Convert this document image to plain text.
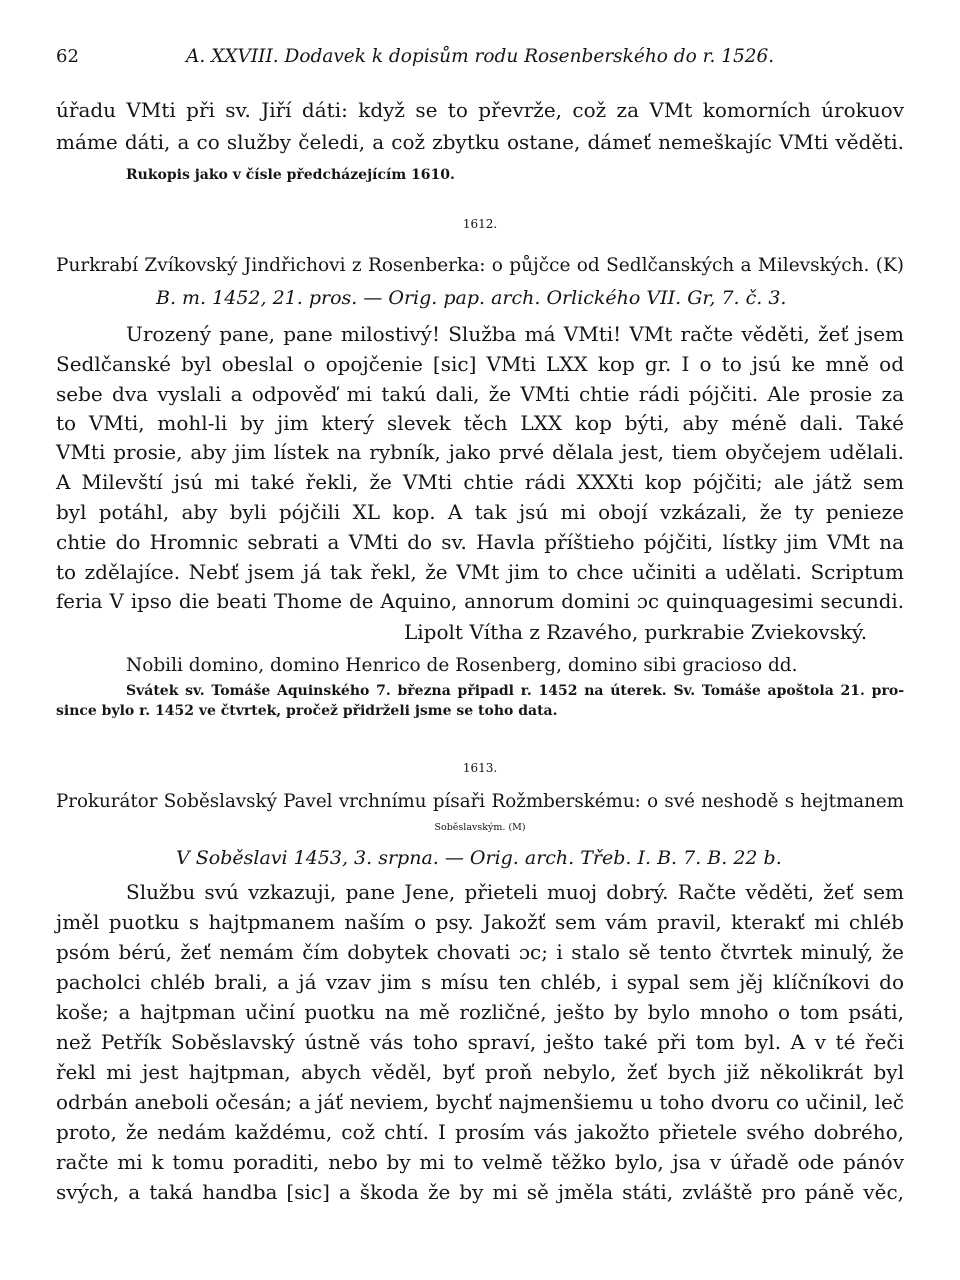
62	A. XXVIII. Dodavek k dopisům rodu Rosenberského do r. 1526.
úřadu VMti při sv. Jiří dáti: když se to převrže, což za VMt komorních úrokuov
máme dáti, a co služby čeledi, a což zbytku ostane, dámeť nemeškajíc VMti věděti.
Rukopis jako v čísle předcházejícím 1610.
1612.
Purkrabí Zvíkovský Jindřichovi z Rosenberka: o půjčce od Sedlčanských a Milevských. (K)
B. m. 1452, 21. pros. — Orig. pap. arch. Orlického VII. Gr, 7. č. 3.
Urozený pane, pane milostivý! Služba má VMti! VMt račte věděti, žeť jsem
Sedlčanské byl obeslal o opojčenie [sic] VMti LXX kop gr. I o to jsú ke mně od
sebe dva vyslali a odpověď mi takú dali, že VMti chtie rádi pójčiti. Ale prosie za
to VMti, mohl-li by jim který slevek těch LXX kop býti, aby méně dali. Také
VMti prosie, aby jim lístek na rybník, jako prvé dělala jest, tiem obyčejem udělali.
A Milevští jsú mi také řekli, že VMti chtie rádi XXXti kop pójčiti; ale játž sem
byl potáhl, aby byli pójčili XL kop. A tak jsú mi obojí vzkázali, že ty penieze
chtie do Hromnic sebrati a VMti do sv. Havla příštieho pójčiti, lístky jim VMt na
to zdělajíce. Nebť jsem já tak řekl, že VMt jim to chce učiniti a udělati. Scriptum
feria V ipso die beati Thome de Aquino, annorum domini ɔc quinquagesimi secundi.
Lipolt Vítha z Rzavého, purkrabie Zviekovský.
Nobili domino, domino Henrico de Rosenberg, domino sibi gracioso dd.
Svátek sv. Tomáše Aquinského 7. března připadl r. 1452 na úterek. Sv. Tomáše apoštola 21. pro-
since bylo r. 1452 ve čtvrtek, pročež přidrželi jsme se toho data.
1613.
Prokurátor Soběslavský Pavel vrchnímu písaři Rožmberskému: o své neshodě s hejtmanem
Soběslavským. (M)
V Soběslavi 1453, 3. srpna. — Orig. arch. Třeb. I. B. 7. B. 22 b.
Službu svú vzkazuji, pane Jene, přieteli muoj dobrý. Račte věděti, žeť sem
jměl puotku s hajtpmanem naším o psy. Jakožť sem vám pravil, kterakť mi chléb
psóm bérú, žeť nemám čím dobytek chovati ɔc; i stalo sě tento čtvrtek minulý, že
pacholci chléb brali, a já vzav jim s mísu ten chléb, i sypal sem jěj klíčníkovi do
koše; a hajtpman učiní puotku na mě rozličné, ješto by bylo mnoho o tom psáti,
než Petřík Soběslavský ústně vás toho spraví, ješto také při tom byl. A v té řeči
řekl mi jest hajtpman, abych věděl, byť proň nebylo, žeť bych již několikrát byl
odrbán aneboli očesán; a jáť neviem, bychť najmenšiemu u toho dvoru co učinil, leč
proto, že nedám každému, což chtí. I prosím vás jakožto přietele svého dobrého,
račte mi k tomu poraditi, nebo by mi to velmě těžko bylo, jsa v úřadě ode pánóv
svých, a taká handba [sic] a škoda že by mi sě jměla státi, zvláště pro páně věc,
